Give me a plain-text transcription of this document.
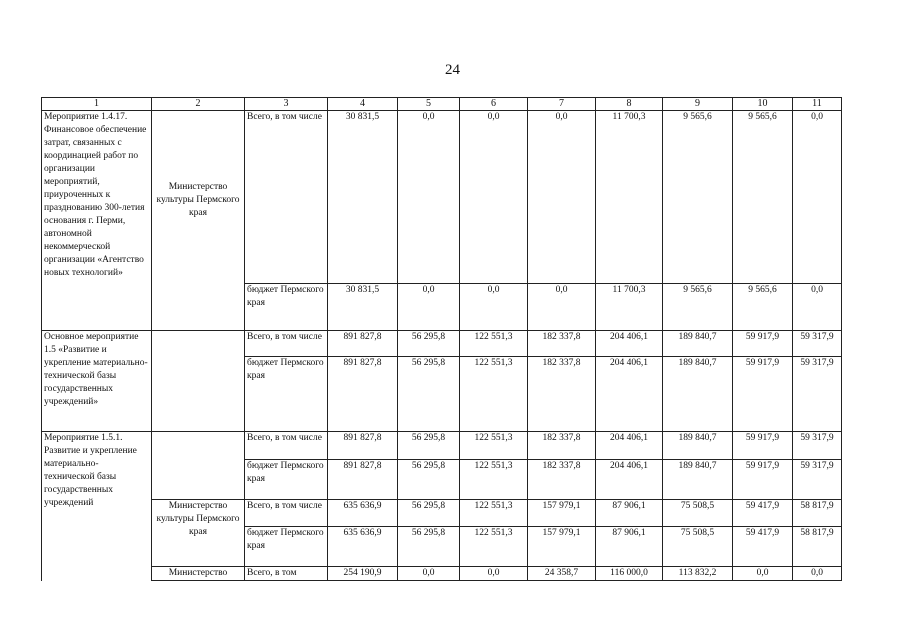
24
1	2	3	4	5	6	7	8	9	10	11
Мероприятие 1.4.17. Финансовое обеспечение затрат, связанных с координацией работ по организации мероприятий, приуроченных к празднованию 300-летия основания г. Перми, автономной некоммерческой организации «Агентство новых технологий»	Министерство культуры Пермского края	Всего, в том числе	30 831,5	0,0	0,0	0,0	11 700,3	9 565,6	9 565,6	0,0
		бюджет Пермского края	30 831,5	0,0	0,0	0,0	11 700,3	9 565,6	9 565,6	0,0
Основное мероприятие 1.5 «Развитие и укрепление материально-технической базы государственных учреждений»		Всего, в том числе	891 827,8	56 295,8	122 551,3	182 337,8	204 406,1	189 840,7	59 917,9	59 317,9
		бюджет Пермского края	891 827,8	56 295,8	122 551,3	182 337,8	204 406,1	189 840,7	59 917,9	59 317,9
Мероприятие 1.5.1. Развитие и укрепление материально-технической базы государственных учреждений		Всего, в том числе	891 827,8	56 295,8	122 551,3	182 337,8	204 406,1	189 840,7	59 917,9	59 317,9
		бюджет Пермского края	891 827,8	56 295,8	122 551,3	182 337,8	204 406,1	189 840,7	59 917,9	59 317,9
	Министерство культуры Пермского края	Всего, в том числе	635 636,9	56 295,8	122 551,3	157 979,1	87 906,1	75 508,5	59 417,9	58 817,9
		бюджет Пермского края	635 636,9	56 295,8	122 551,3	157 979,1	87 906,1	75 508,5	59 417,9	58 817,9
	Министерство	Всего, в том	254 190,9	0,0	0,0	24 358,7	116 000,0	113 832,2	0,0	0,0
